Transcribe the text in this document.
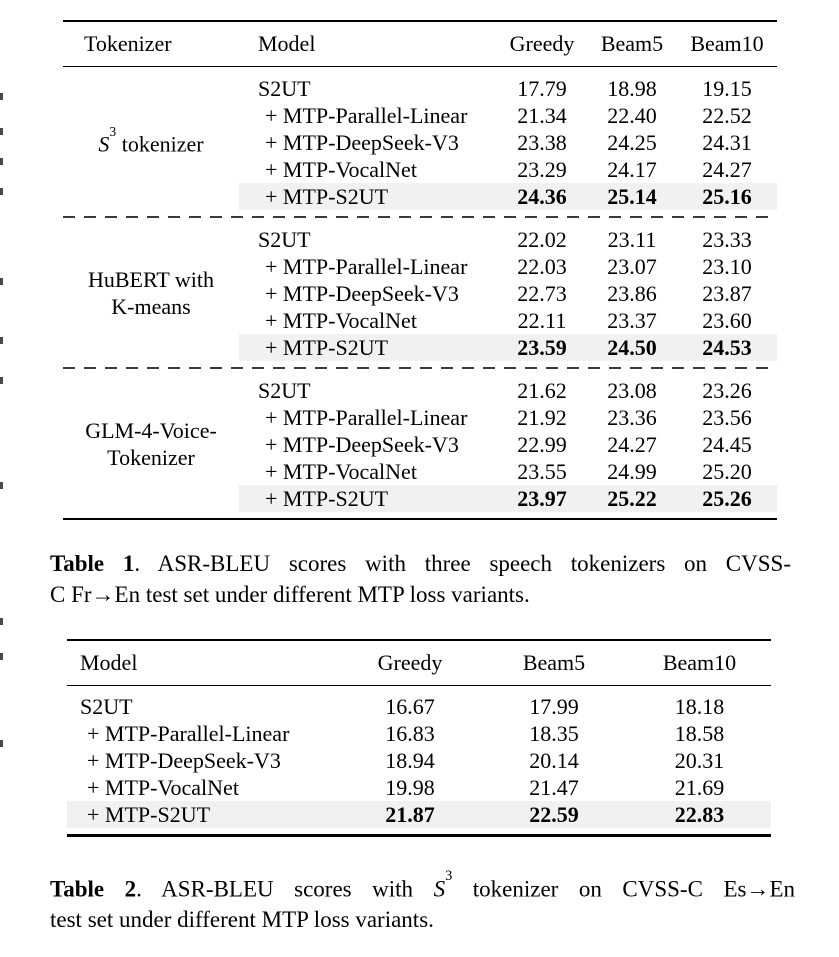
Tokenizer	Model	Greedy	Beam5	Beam10
$S^3$ tokenizer
S2UT	17.79	18.98	19.15
+ MTP-Parallel-Linear	21.34	22.40	22.52
+ MTP-DeepSeek-V3	23.38	24.25	24.31
+ MTP-VocalNet	23.29	24.17	24.27
+ MTP-S2UT	24.36	25.14	25.16
HuBERT with
K-means
S2UT	22.02	23.11	23.33
+ MTP-Parallel-Linear	22.03	23.07	23.10
+ MTP-DeepSeek-V3	22.73	23.86	23.87
+ MTP-VocalNet	22.11	23.37	23.60
+ MTP-S2UT	23.59	24.50	24.53
GLM-4-Voice-
Tokenizer
S2UT	21.62	23.08	23.26
+ MTP-Parallel-Linear	21.92	23.36	23.56
+ MTP-DeepSeek-V3	22.99	24.27	24.45
+ MTP-VocalNet	23.55	24.99	25.20
+ MTP-S2UT	23.97	25.22	25.26
Table 1. ASR-BLEU scores with three speech tokenizers on CVSS-
C Fr→En test set under different MTP loss variants.
Model	Greedy	Beam5	Beam10
S2UT	16.67	17.99	18.18
+ MTP-Parallel-Linear	16.83	18.35	18.58
+ MTP-DeepSeek-V3	18.94	20.14	20.31
+ MTP-VocalNet	19.98	21.47	21.69
+ MTP-S2UT	21.87	22.59	22.83
Table 2. ASR-BLEU scores with $S^3$ tokenizer on CVSS-C Es→En
test set under different MTP loss variants.
